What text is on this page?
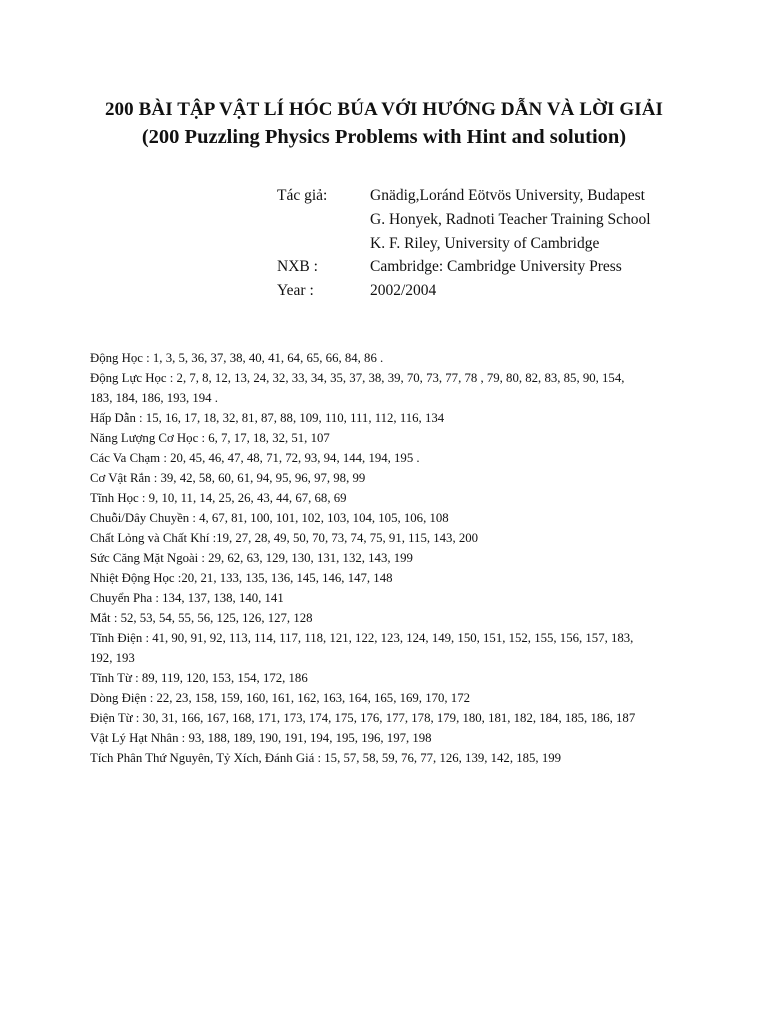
200 BÀI TẬP VẬT LÍ HÓC BÚA VỚI HƯỚNG DẪN VÀ LỜI GIẢI
(200 Puzzling Physics Problems with Hint and solution)
Tác giả:	Gnädig,Loránd Eötvös University, Budapest
G. Honyek, Radnoti Teacher Training School
K. F. Riley, University of Cambridge
NXB :	Cambridge: Cambridge University Press
Year :	2002/2004
Động Học : 1, 3, 5, 36, 37, 38, 40, 41, 64, 65, 66, 84, 86 .
Động Lực Học : 2, 7, 8, 12, 13, 24, 32, 33, 34, 35, 37, 38, 39, 70, 73, 77, 78 , 79, 80, 82, 83, 85, 90, 154,
183, 184, 186, 193, 194 .
Hấp Dẫn : 15, 16, 17, 18, 32, 81, 87, 88, 109, 110, 111, 112, 116, 134
Năng Lượng Cơ Học : 6, 7, 17, 18, 32, 51, 107
Các Va Chạm : 20, 45, 46, 47, 48, 71, 72, 93, 94, 144, 194, 195 .
Cơ Vật Rắn : 39, 42, 58, 60, 61, 94, 95, 96, 97, 98, 99
Tĩnh Học : 9, 10, 11, 14, 25, 26, 43, 44, 67, 68, 69
Chuỗi/Dây Chuyền : 4, 67, 81, 100, 101, 102, 103, 104, 105, 106, 108
Chất Lỏng và Chất Khí :19, 27, 28, 49, 50, 70, 73, 74, 75, 91, 115, 143, 200
Sức Căng Mặt Ngoài : 29, 62, 63, 129, 130, 131, 132, 143, 199
Nhiệt Động Học :20, 21, 133, 135, 136, 145, 146, 147, 148
Chuyển Pha : 134, 137, 138, 140, 141
Mắt : 52, 53, 54, 55, 56, 125, 126, 127, 128
Tĩnh Điện : 41, 90, 91, 92, 113, 114, 117, 118, 121, 122, 123, 124, 149, 150, 151, 152, 155, 156, 157, 183,
192, 193
Tĩnh Từ : 89, 119, 120, 153, 154, 172, 186
Dòng Điện : 22, 23, 158, 159, 160, 161, 162, 163, 164, 165, 169, 170, 172
Điện Từ : 30, 31, 166, 167, 168, 171, 173, 174, 175, 176, 177, 178, 179, 180, 181, 182, 184, 185, 186, 187
Vật Lý Hạt Nhân : 93, 188, 189, 190, 191, 194, 195, 196, 197, 198
Tích Phân Thứ Nguyên, Tỷ Xích, Đánh Giá : 15, 57, 58, 59, 76, 77, 126, 139, 142, 185, 199
